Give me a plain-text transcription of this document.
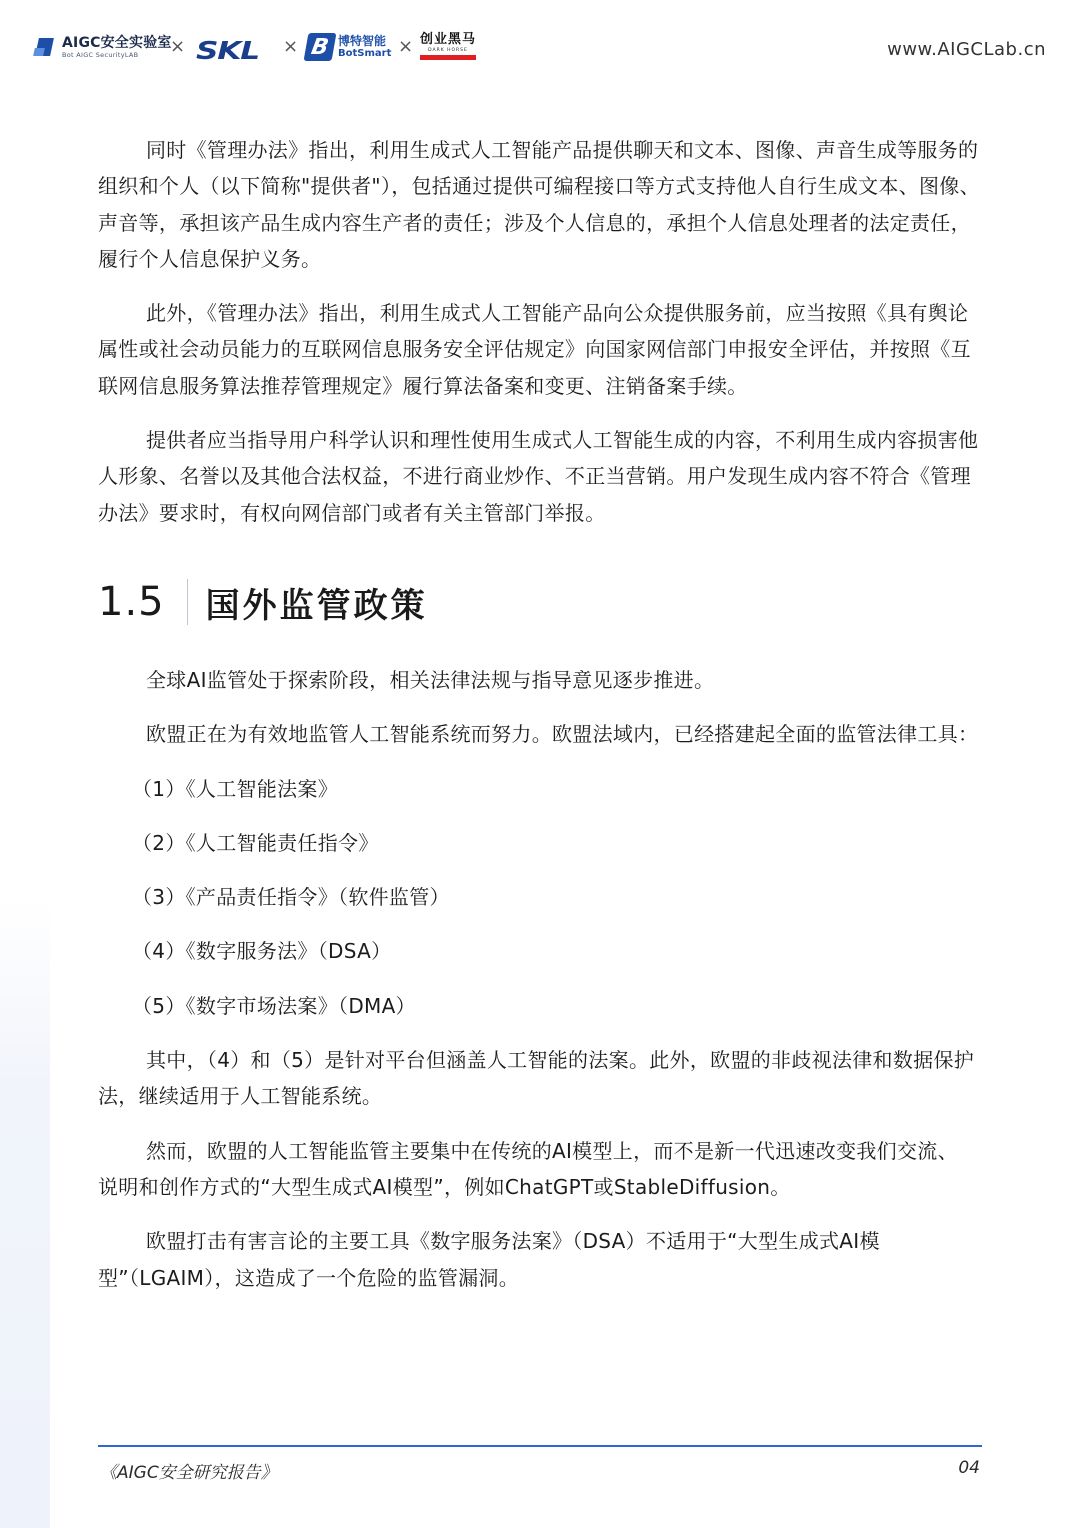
AIGC安全实验室
Bot AIGC SecurityLAB	× SKL × B 博特智能
BotSmart × 创业黑马
DARK HORSE	www.AIGCLab.cn

同时《管理办法》指出，利用生成式人工智能产品提供聊天和文本、图像、声音生成等服务的组织和个人（以下简称"提供者"），包括通过提供可编程接口等方式支持他人自行生成文本、图像、声音等，承担该产品生成内容生产者的责任；涉及个人信息的，承担个人信息处理者的法定责任，履行个人信息保护义务。

此外，《管理办法》指出，利用生成式人工智能产品向公众提供服务前，应当按照《具有舆论属性或社会动员能力的互联网信息服务安全评估规定》向国家网信部门申报安全评估，并按照《互联网信息服务算法推荐管理规定》履行算法备案和变更、注销备案手续。

提供者应当指导用户科学认识和理性使用生成式人工智能生成的内容，不利用生成内容损害他人形象、名誉以及其他合法权益，不进行商业炒作、不正当营销。用户发现生成内容不符合《管理办法》要求时，有权向网信部门或者有关主管部门举报。

1.5 国外监管政策

全球AI监管处于探索阶段，相关法律法规与指导意见逐步推进。

欧盟正在为有效地监管人工智能系统而努力。欧盟法域内，已经搭建起全面的监管法律工具：

（1）《人工智能法案》

（2）《人工智能责任指令》

（3）《产品责任指令》（软件监管）

（4）《数字服务法》（DSA）

（5）《数字市场法案》（DMA）

其中，（4）和（5）是针对平台但涵盖人工智能的法案。此外，欧盟的非歧视法律和数据保护法，继续适用于人工智能系统。

然而，欧盟的人工智能监管主要集中在传统的AI模型上，而不是新一代迅速改变我们交流、说明和创作方式的“大型生成式AI模型”，例如ChatGPT或StableDiffusion。

欧盟打击有害言论的主要工具《数字服务法案》（DSA）不适用于“大型生成式AI模型”（LGAIM），这造成了一个危险的监管漏洞。

《AIGC安全研究报告》	04
